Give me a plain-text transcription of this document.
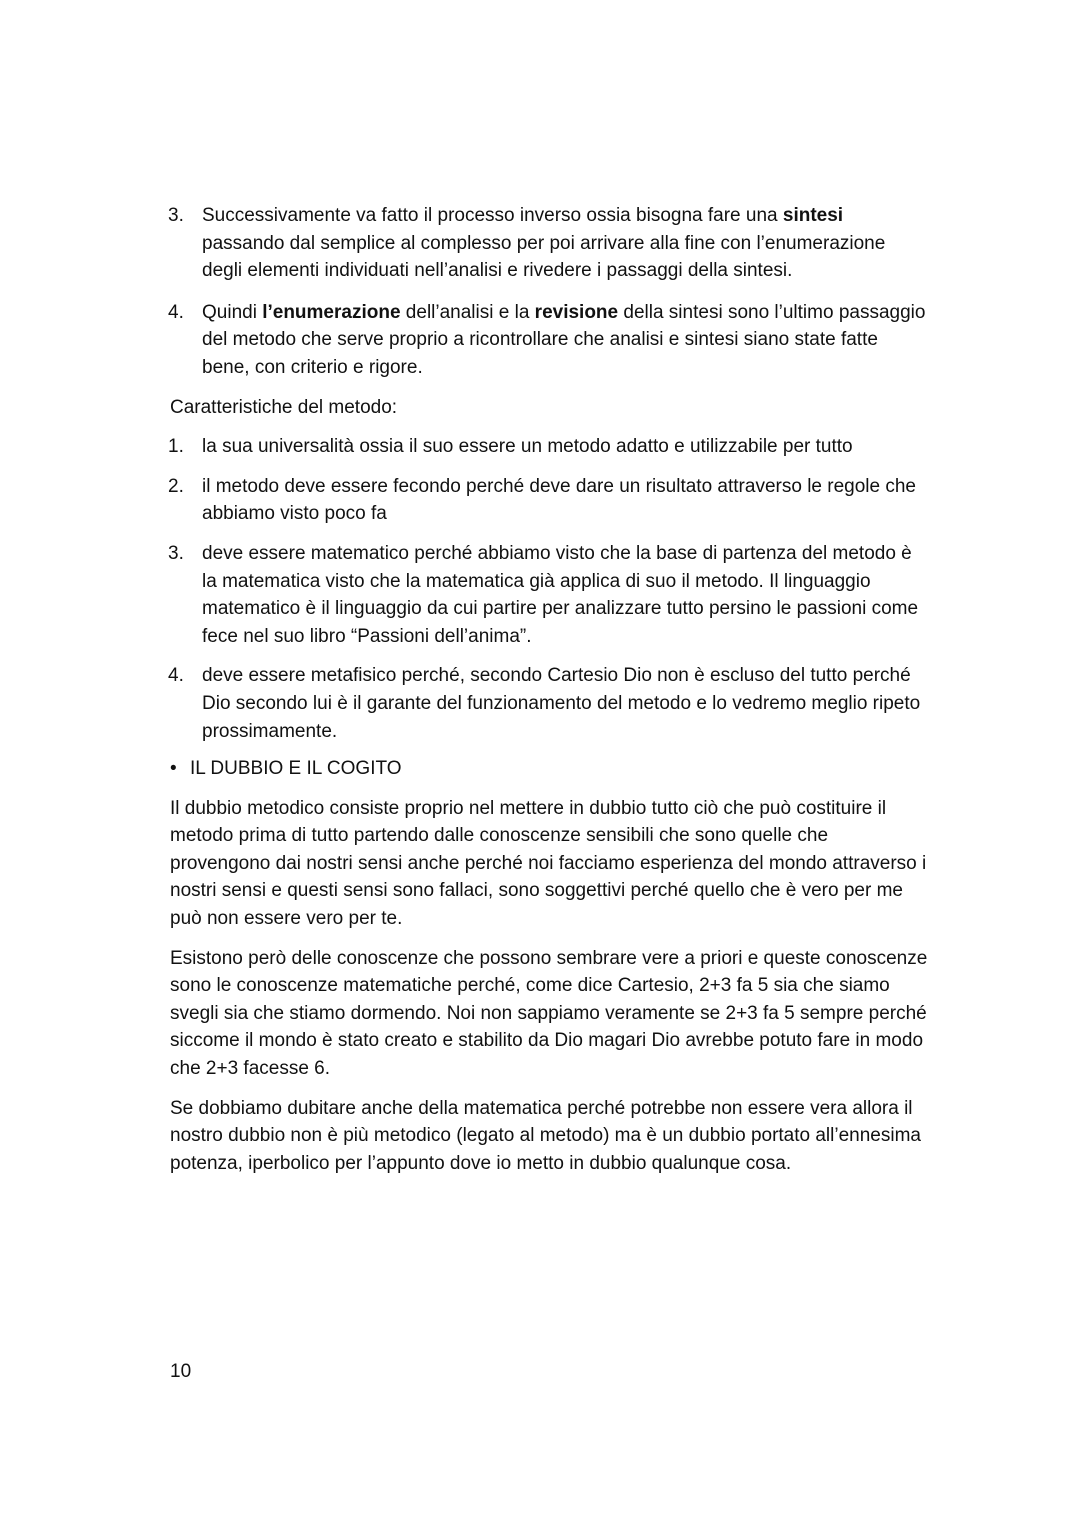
3. Successivamente va fatto il processo inverso ossia bisogna fare una sintesi passando dal semplice al complesso per poi arrivare alla fine con l’enumerazione degli elementi individuati nell’analisi e rivedere i passaggi della sintesi.

4. Quindi l’enumerazione dell’analisi e la revisione della sintesi sono l’ultimo passaggio del metodo che serve proprio a ricontrollare che analisi e sintesi siano state fatte bene, con criterio e rigore.

Caratteristiche del metodo:

1. la sua universalità ossia il suo essere un metodo adatto e utilizzabile per tutto

2. il metodo deve essere fecondo perché deve dare un risultato attraverso le regole che abbiamo visto poco fa

3. deve essere matematico perché abbiamo visto che la base di partenza del metodo è la matematica visto che la matematica già applica di suo il metodo. Il linguaggio matematico è il linguaggio da cui partire per analizzare tutto persino le passioni come fece nel suo libro “Passioni dell’anima”.

4. deve essere metafisico perché, secondo Cartesio Dio non è escluso del tutto perché Dio secondo lui è il garante del funzionamento del metodo e lo vedremo meglio ripeto prossimamente.

• IL DUBBIO E IL COGITO

Il dubbio metodico consiste proprio nel mettere in dubbio tutto ciò che può costituire il metodo prima di tutto partendo dalle conoscenze sensibili che sono quelle che provengono dai nostri sensi anche perché noi facciamo esperienza del mondo attraverso i nostri sensi e questi sensi sono fallaci, sono soggettivi perché quello che è vero per me può non essere vero per te.

Esistono però delle conoscenze che possono sembrare vere a priori e queste conoscenze sono le conoscenze matematiche perché, come dice Cartesio, 2+3 fa 5 sia che siamo svegli sia che stiamo dormendo. Noi non sappiamo veramente se 2+3 fa 5 sempre perché siccome il mondo è stato creato e stabilito da Dio magari Dio avrebbe potuto fare in modo che 2+3 facesse 6.

Se dobbiamo dubitare anche della matematica perché potrebbe non essere vera allora il nostro dubbio non è più metodico (legato al metodo) ma è un dubbio portato all’ennesima potenza, iperbolico per l’appunto dove io metto in dubbio qualunque cosa.

10
